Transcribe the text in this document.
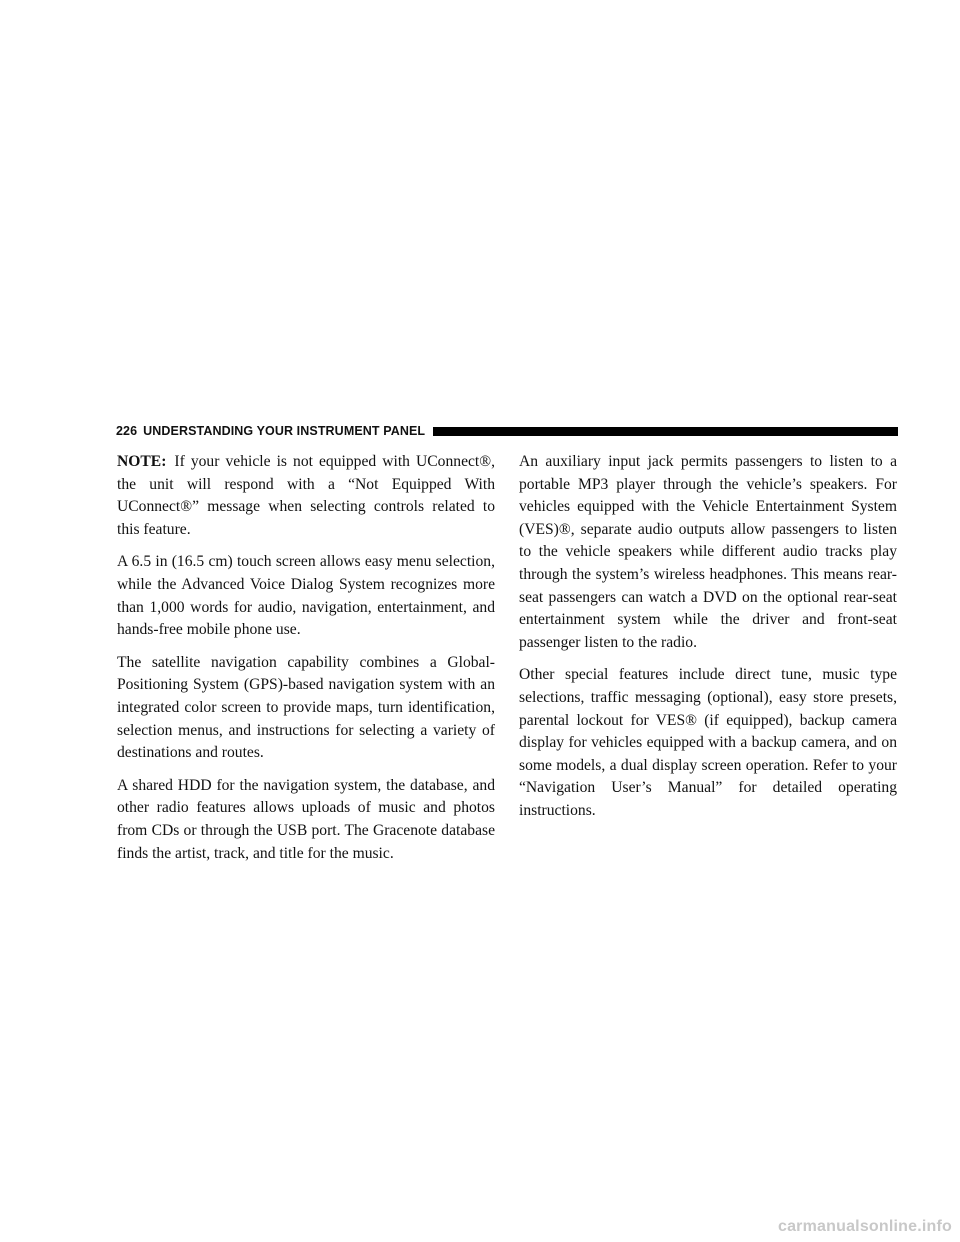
226 UNDERSTANDING YOUR INSTRUMENT PANEL

NOTE: If your vehicle is not equipped with UConnect®, the unit will respond with a “Not Equipped With UConnect®” message when selecting controls related to this feature.

A 6.5 in (16.5 cm) touch screen allows easy menu selection, while the Advanced Voice Dialog System recognizes more than 1,000 words for audio, navigation, entertainment, and hands-free mobile phone use.

The satellite navigation capability combines a Global-Positioning System (GPS)-based navigation system with an integrated color screen to provide maps, turn identification, selection menus, and instructions for selecting a variety of destinations and routes.

A shared HDD for the navigation system, the database, and other radio features allows uploads of music and photos from CDs or through the USB port. The Gracenote database finds the artist, track, and title for the music.

An auxiliary input jack permits passengers to listen to a portable MP3 player through the vehicle’s speakers. For vehicles equipped with the Vehicle Entertainment System (VES)®, separate audio outputs allow passengers to listen to the vehicle speakers while different audio tracks play through the system’s wireless headphones. This means rear-seat passengers can watch a DVD on the optional rear-seat entertainment system while the driver and front-seat passenger listen to the radio.

Other special features include direct tune, music type selections, traffic messaging (optional), easy store presets, parental lockout for VES® (if equipped), backup camera display for vehicles equipped with a backup camera, and on some models, a dual display screen operation. Refer to your “Navigation User’s Manual” for detailed operating instructions.

carmanualsonline.info
